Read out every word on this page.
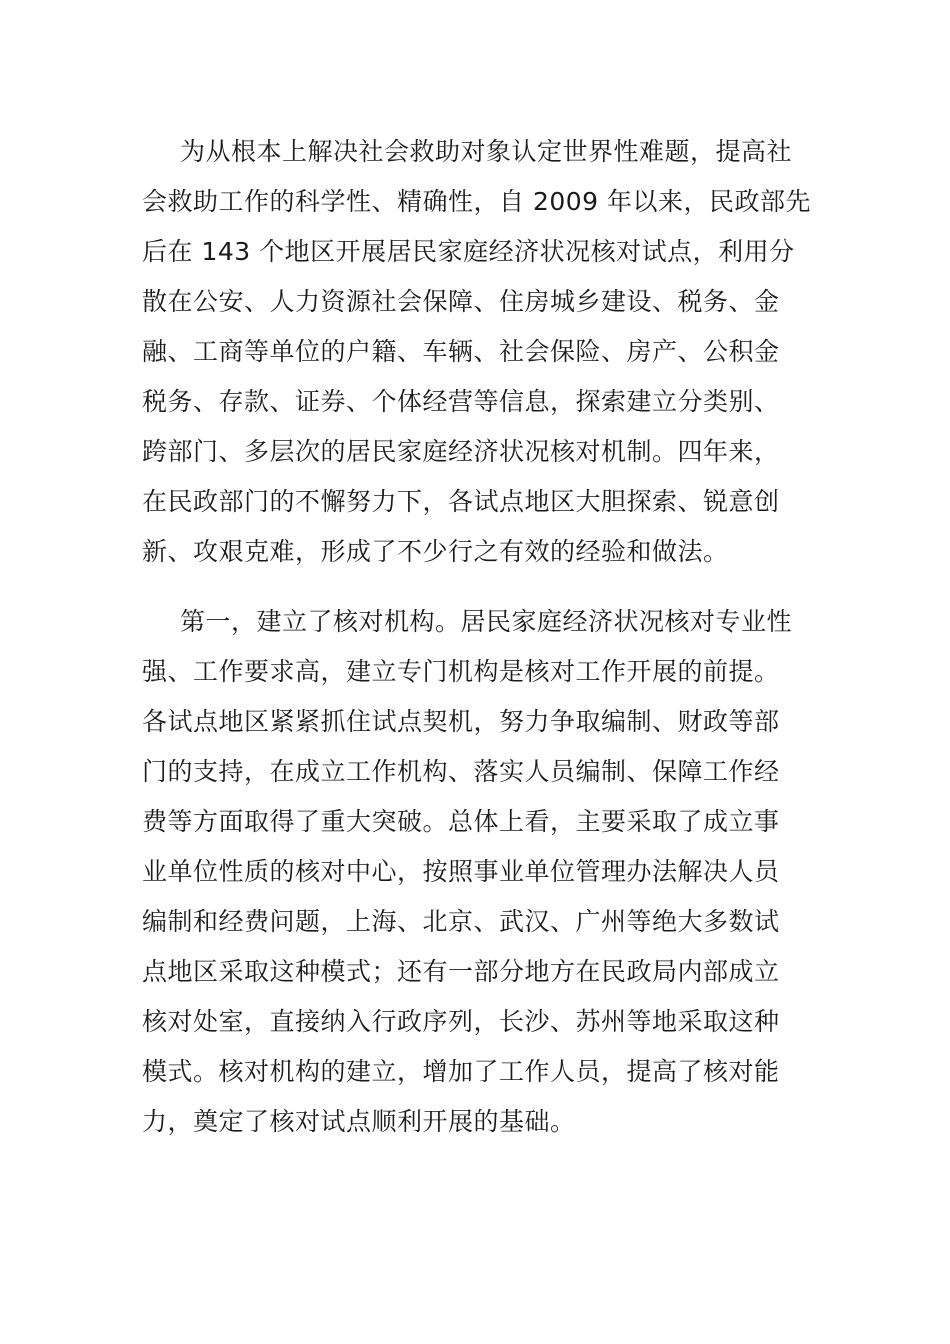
为从根本上解决社会救助对象认定世界性难题，提高社
会救助工作的科学性、精确性，自 2009 年以来，民政部先
后在 143 个地区开展居民家庭经济状况核对试点，利用分
散在公安、人力资源社会保障、住房城乡建设、税务、金
融、工商等单位的户籍、车辆、社会保险、房产、公积金
税务、存款、证券、个体经营等信息，探索建立分类别、
跨部门、多层次的居民家庭经济状况核对机制。四年来，
在民政部门的不懈努力下，各试点地区大胆探索、锐意创
新、攻艰克难，形成了不少行之有效的经验和做法。
第一，建立了核对机构。居民家庭经济状况核对专业性
强、工作要求高，建立专门机构是核对工作开展的前提。
各试点地区紧紧抓住试点契机，努力争取编制、财政等部
门的支持，在成立工作机构、落实人员编制、保障工作经
费等方面取得了重大突破。总体上看，主要采取了成立事
业单位性质的核对中心，按照事业单位管理办法解决人员
编制和经费问题，上海、北京、武汉、广州等绝大多数试
点地区采取这种模式；还有一部分地方在民政局内部成立
核对处室，直接纳入行政序列，长沙、苏州等地采取这种
模式。核对机构的建立，增加了工作人员，提高了核对能
力，奠定了核对试点顺利开展的基础。
